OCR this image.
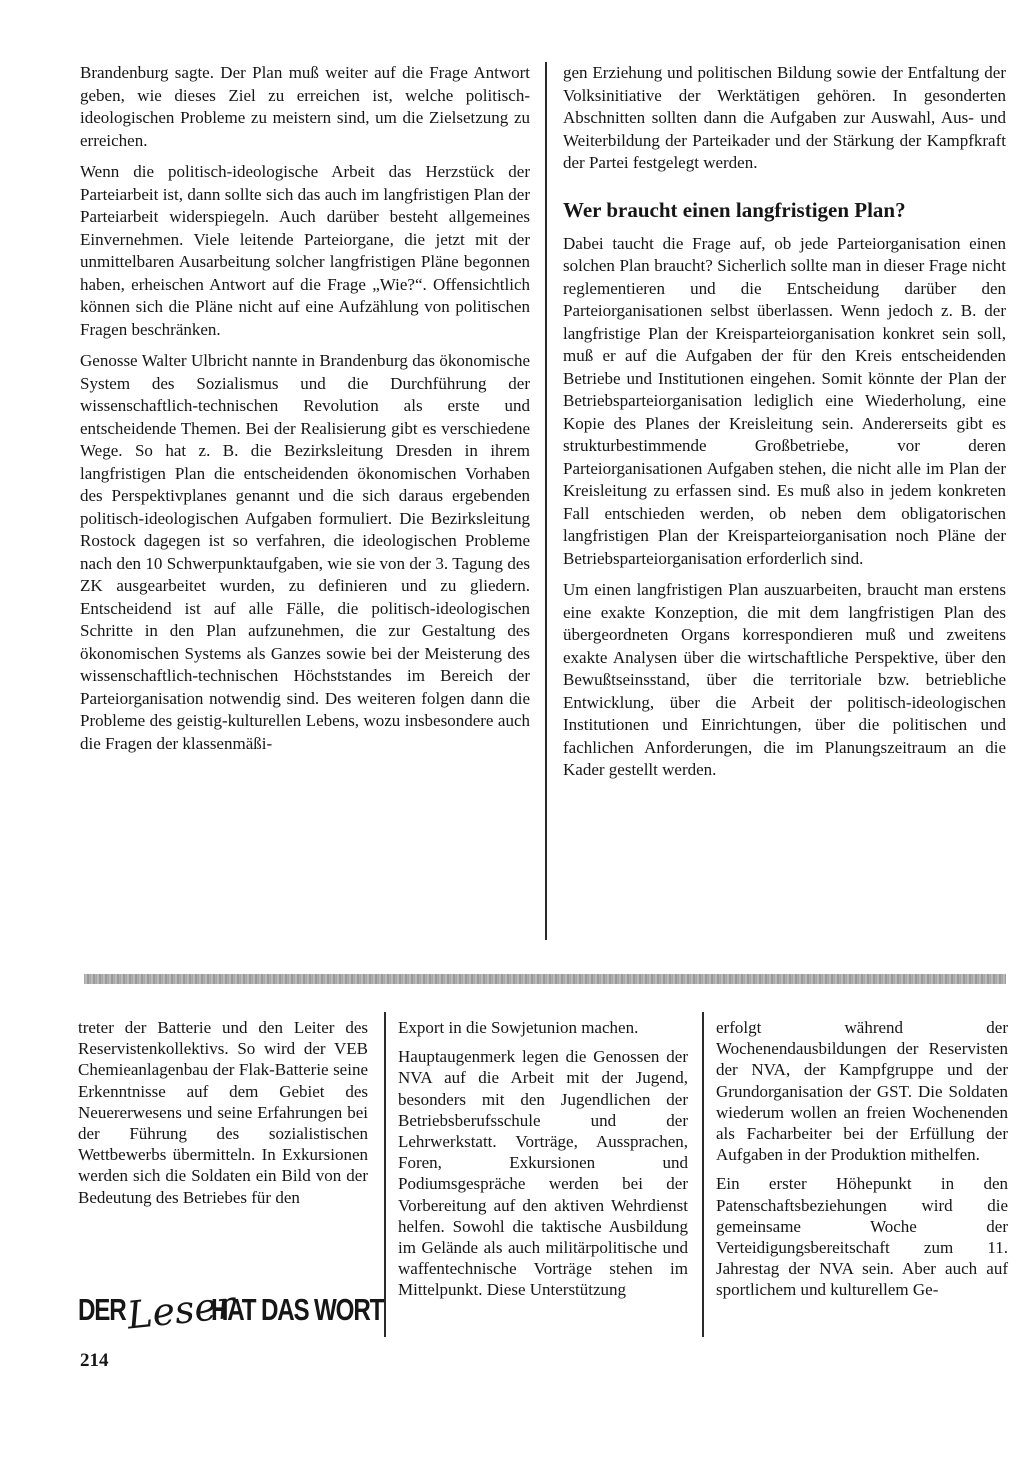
Brandenburg sagte. Der Plan muß weiter auf die Frage Antwort geben, wie dieses Ziel zu erreichen ist, welche politisch-ideologischen Probleme zu meistern sind, um die Zielsetzung zu erreichen.

Wenn die politisch-ideologische Arbeit das Herzstück der Parteiarbeit ist, dann sollte sich das auch im langfristigen Plan der Parteiarbeit widerspiegeln. Auch darüber besteht allgemeines Einvernehmen. Viele leitende Parteiorgane, die jetzt mit der unmittelbaren Ausarbeitung solcher langfristigen Pläne begonnen haben, erheischen Antwort auf die Frage „Wie?“. Offensichtlich können sich die Pläne nicht auf eine Aufzählung von politischen Fragen beschränken.

Genosse Walter Ulbricht nannte in Brandenburg das ökonomische System des Sozialismus und die Durchführung der wissenschaftlich-technischen Revolution als erste und entscheidende Themen. Bei der Realisierung gibt es verschiedene Wege. So hat z. B. die Bezirksleitung Dresden in ihrem langfristigen Plan die entscheidenden ökonomischen Vorhaben des Perspektivplanes genannt und die sich daraus ergebenden politisch-ideologischen Aufgaben formuliert. Die Bezirksleitung Rostock dagegen ist so verfahren, die ideologischen Probleme nach den 10 Schwerpunktaufgaben, wie sie von der 3. Tagung des ZK ausgearbeitet wurden, zu definieren und zu gliedern. Entscheidend ist auf alle Fälle, die politisch-ideologischen Schritte in den Plan aufzunehmen, die zur Gestaltung des ökonomischen Systems als Ganzes sowie bei der Meisterung des wissenschaftlich-technischen Höchststandes im Bereich der Parteiorganisation notwendig sind. Des weiteren folgen dann die Probleme des geistig-kulturellen Lebens, wozu insbesondere auch die Fragen der klassenmäßi-

gen Erziehung und politischen Bildung sowie der Entfaltung der Volksinitiative der Werktätigen gehören. In gesonderten Abschnitten sollten dann die Aufgaben zur Auswahl, Aus- und Weiterbildung der Parteikader und der Stärkung der Kampfkraft der Partei festgelegt werden.

Wer braucht einen langfristigen Plan?

Dabei taucht die Frage auf, ob jede Parteiorganisation einen solchen Plan braucht? Sicherlich sollte man in dieser Frage nicht reglementieren und die Entscheidung darüber den Parteiorganisationen selbst überlassen. Wenn jedoch z. B. der langfristige Plan der Kreisparteiorganisation konkret sein soll, muß er auf die Aufgaben der für den Kreis entscheidenden Betriebe und Institutionen eingehen. Somit könnte der Plan der Betriebsparteiorganisation lediglich eine Wiederholung, eine Kopie des Planes der Kreisleitung sein. Andererseits gibt es strukturbestimmende Großbetriebe, vor deren Parteiorganisationen Aufgaben stehen, die nicht alle im Plan der Kreisleitung zu erfassen sind. Es muß also in jedem konkreten Fall entschieden werden, ob neben dem obligatorischen langfristigen Plan der Kreisparteiorganisation noch Pläne der Betriebsparteiorganisation erforderlich sind.

Um einen langfristigen Plan auszuarbeiten, braucht man erstens eine exakte Konzeption, die mit dem langfristigen Plan des übergeordneten Organs korrespondieren muß und zweitens exakte Analysen über die wirtschaftliche Perspektive, über den Bewußtseinsstand, über die territoriale bzw. betriebliche Entwicklung, über die Arbeit der politisch-ideologischen Institutionen und Einrichtungen, über die politischen und fachlichen Anforderungen, die im Planungszeitraum an die Kader gestellt werden.

treter der Batterie und den Leiter des Reservistenkollektivs. So wird der VEB Chemieanlagenbau der Flak-Batterie seine Erkenntnisse auf dem Gebiet des Neuererwesens und seine Erfahrungen bei der Führung des sozialistischen Wettbewerbs übermitteln. In Exkursionen werden sich die Soldaten ein Bild von der Bedeutung des Betriebes für den

Export in die Sowjetunion machen.

Hauptaugenmerk legen die Genossen der NVA auf die Arbeit mit der Jugend, besonders mit den Jugendlichen der Betriebsberufsschule und der Lehrwerkstatt. Vorträge, Aussprachen, Foren, Exkursionen und Podiumsgespräche werden bei der Vorbereitung auf den aktiven Wehrdienst helfen. Sowohl die taktische Ausbildung im Gelände als auch militärpolitische und waffentechnische Vorträge stehen im Mittelpunkt. Diese Unterstützung

erfolgt während der Wochenendausbildungen der Reservisten der NVA, der Kampfgruppe und der Grundorganisation der GST. Die Soldaten wiederum wollen an freien Wochenenden als Facharbeiter bei der Erfüllung der Aufgaben in der Produktion mithelfen.

Ein erster Höhepunkt in den Patenschaftsbeziehungen wird die gemeinsame Woche der Verteidigungsbereitschaft zum 11. Jahrestag der NVA sein. Aber auch auf sportlichem und kulturellem Ge-

DER Leser
HAT DAS WORT
214
